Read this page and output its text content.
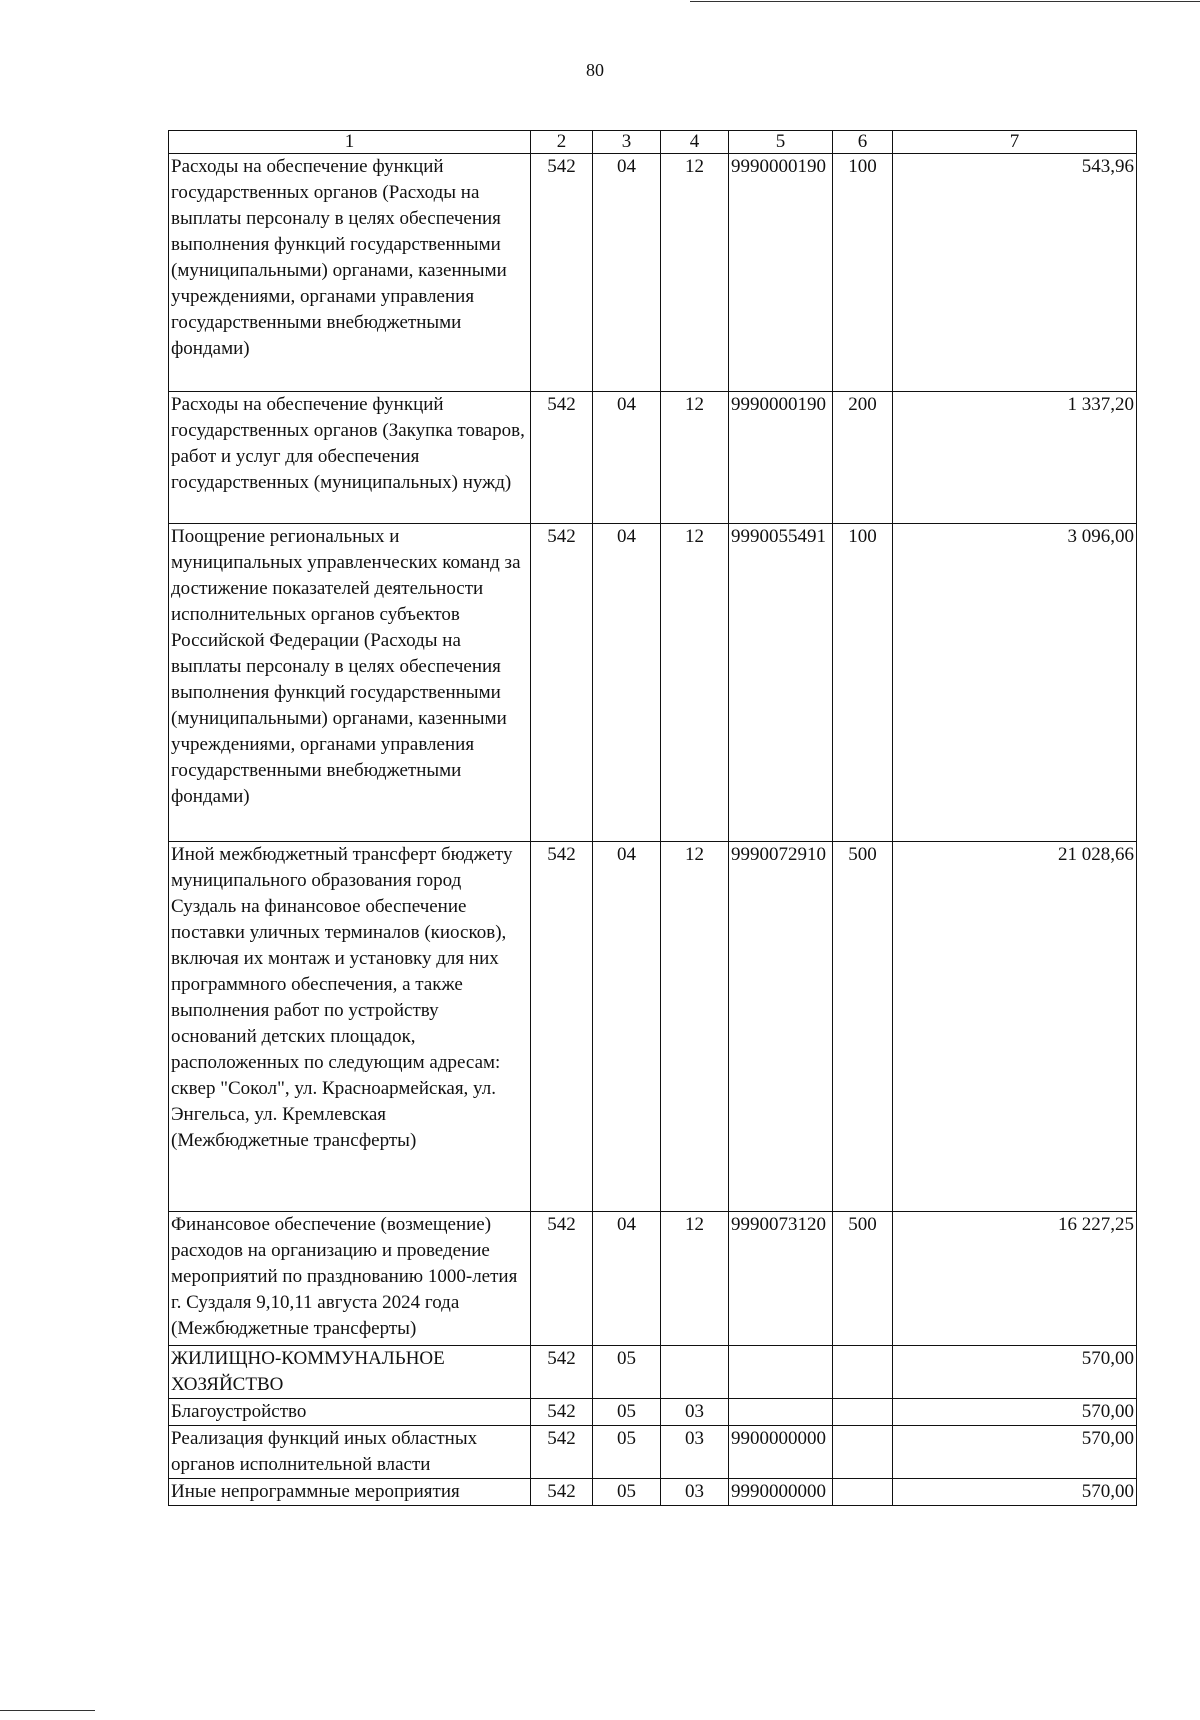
80
1	2	3	4	5	6	7
Расходы на обеспечение функций государственных органов (Расходы на выплаты персоналу в целях обеспечения выполнения функций государственными (муниципальными) органами, казенными учреждениями, органами управления государственными внебюджетными фондами)	542	04	12	9990000190	100	543,96
Расходы на обеспечение функций государственных органов (Закупка товаров, работ и услуг для обеспечения государственных (муниципальных) нужд)	542	04	12	9990000190	200	1 337,20
Поощрение региональных и муниципальных управленческих команд за достижение показателей деятельности исполнительных органов субъектов Российской Федерации (Расходы на выплаты персоналу в целях обеспечения выполнения функций государственными (муниципальными) органами, казенными учреждениями, органами управления государственными внебюджетными фондами)	542	04	12	9990055491	100	3 096,00
Иной межбюджетный трансферт бюджету муниципального образования город Суздаль на финансовое обеспечение поставки уличных терминалов (киосков), включая их монтаж и установку для них программного обеспечения, а также выполнения работ по устройству оснований детских площадок, расположенных по следующим адресам: сквер "Сокол", ул. Красноармейская, ул. Энгельса, ул. Кремлевская (Межбюджетные трансферты)	542	04	12	9990072910	500	21 028,66
Финансовое обеспечение (возмещение) расходов на организацию и проведение мероприятий по празднованию 1000-летия г. Суздаля 9,10,11 августа 2024 года (Межбюджетные трансферты)	542	04	12	9990073120	500	16 227,25
ЖИЛИЩНО-КОММУНАЛЬНОЕ ХОЗЯЙСТВО	542	05				570,00
Благоустройство	542	05	03			570,00
Реализация функций иных областных органов исполнительной власти	542	05	03	9900000000		570,00
Иные непрограммные мероприятия	542	05	03	9990000000		570,00
